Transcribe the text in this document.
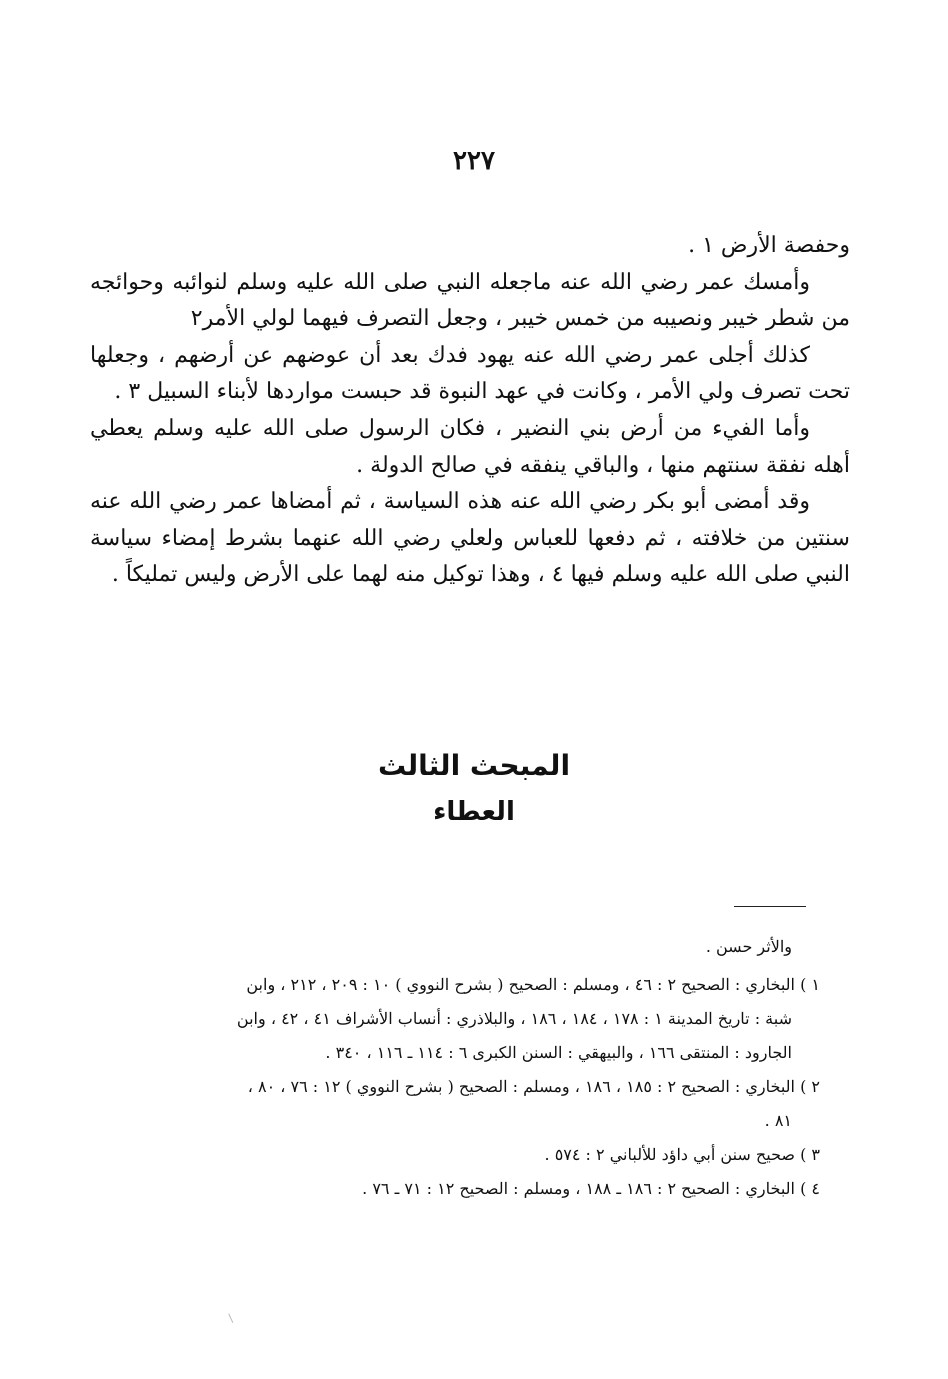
٢٢٧

وحفصة الأرض ١ .

وأمسك عمر رضي الله عنه ماجعله النبي صلى الله عليه وسلم لنوائبه وحوائجه من شطر خيبر ونصيبه من خمس خيبر ، وجعل التصرف فيهما لولي الأمر٢

كذلك أجلى عمر رضي الله عنه يهود فدك بعد أن عوضهم عن أرضهم ، وجعلها تحت تصرف ولي الأمر ، وكانت في عهد النبوة قد حبست مواردها لأبناء السبيل ٣ .

وأما الفيء من أرض بني النضير ، فكان الرسول صلى الله عليه وسلم يعطي أهله نفقة سنتهم منها ، والباقي ينفقه في صالح الدولة .

وقد أمضى أبو بكر رضي الله عنه هذه السياسة ، ثم أمضاها عمر رضي الله عنه سنتين من خلافته ، ثم دفعها للعباس ولعلي رضي الله عنهما بشرط إمضاء سياسة النبي صلى الله عليه وسلم فيها ٤ ، وهذا توكيل منه لهما على الأرض وليس تمليكاً .

المبحث الثالث
العطاء

والأثر حسن .

١ ) البخاري : الصحيح ٢ : ٤٦ ، ومسلم : الصحيح ( بشرح النووي ) ١٠ : ٢٠٩ ، ٢١٢ ، وابن

شبة : تاريخ المدينة ١ : ١٧٨ ، ١٨٤ ، ١٨٦ ، والبلاذري : أنساب الأشراف ٤١ ، ٤٢ ، وابن

الجارود : المنتقى ١٦٦ ، والبيهقي : السنن الكبرى ٦ : ١١٤ ـ ١١٦ ، ٣٤٠ .

٢ ) البخاري : الصحيح ٢ : ١٨٥ ، ١٨٦ ، ومسلم : الصحيح ( بشرح النووي ) ١٢ : ٧٦ ، ٨٠ ،

٨١ .

٣ ) صحيح سنن أبي داؤد للألباني ٢ : ٥٧٤ .

٤ ) البخاري : الصحيح ٢ : ١٨٦ ـ ١٨٨ ، ومسلم : الصحيح ١٢ : ٧١ ـ ٧٦ .
